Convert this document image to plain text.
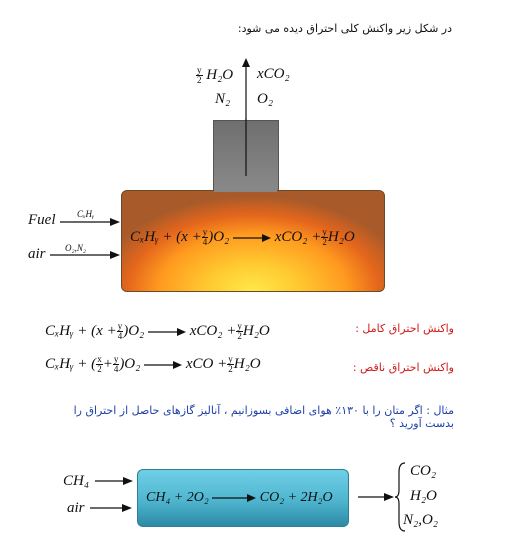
در شکل زیر واکنش کلی احتراق دیده می شود:
$\frac{y}{2} H_2O$ xCO₂
N₂ O₂
CₓHᵧ + $(x + \frac{y}{4} )O_2 \to xCO_2 + \frac{y}{2} H_2O$
Fuel CₓHᵧ
air O₂,N₂
CₓHᵧ + $(x + \frac{y}{4} )O_2 \to xCO_2 + \frac{y}{2} H_2O$	واکنش احتراق کامل :
CₓHᵧ + ( $\frac{x}{2} + \frac{y}{4} )O_2$ → xCO + $\frac{y}{2} H_2O$	واکنش احتراق ناقص :
مثال : اگر متان را با ۱۳۰٪ هوای اضافی بسوزانیم ، آنالیز گازهای حاصل از احتراق را بدست آورید ؟
CH₄
air
CH₄ + 2O₂ → CO₂ + 2H₂O
CO₂
H₂O
N₂,O₂
